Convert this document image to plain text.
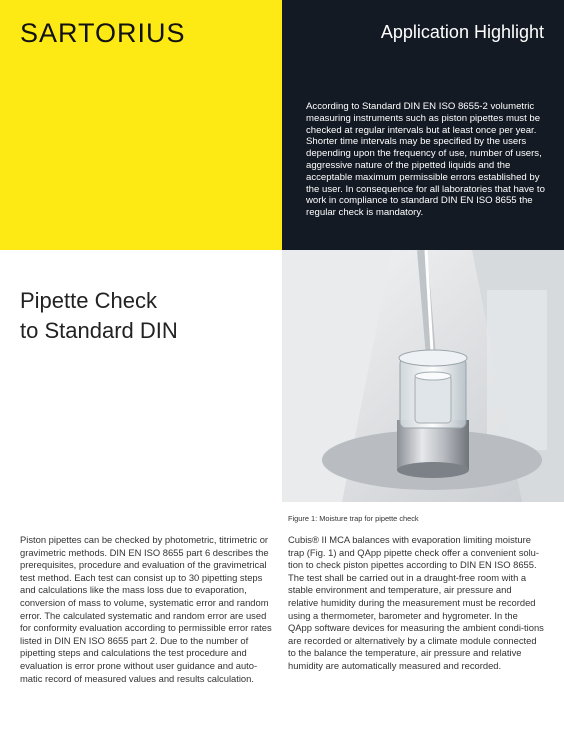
SARTORIUS	Application Highlight
According to Standard DIN EN ISO 8655-2 volumetric measuring instruments such as piston pipettes must be checked at regular intervals but at least once per year. Shorter time intervals may be specified by the users depending upon the frequency of use, number of users, aggressive nature of the pipetted liquids and the acceptable maximum permissible errors established by the user. In consequence for all laboratories that have to work in compliance to standard DIN EN ISO 8655 the regular check is mandatory.
Pipette Check
to Standard DIN
Figure 1: Moisture trap for pipette check
Piston pipettes can be checked by photometric, titrimetric or gravimetric methods. DIN EN ISO 8655 part 6 describes the prerequisites, procedure and evaluation of the gravimetrical test method. Each test can consist up to 30 pipetting steps and calculations like the mass loss due to evaporation, conversion of mass to volume, systematic error and random error. The calculated systematic and random error are used for conformity evaluation according to permissible error rates listed in DIN EN ISO 8655 part 2. Due to the number of pipetting steps and calculations the test procedure and evaluation is error prone without user guidance and auto-matic record of measured values and results calculation.
Cubis® II MCA balances with evaporation limiting moisture trap (Fig. 1) and QApp pipette check offer a convenient solu-tion to check piston pipettes according to DIN EN ISO 8655. The test shall be carried out in a draught-free room with a stable environment and temperature, air pressure and relative humidity during the measurement must be recorded using a thermometer, barometer and hygrometer. In the QApp software devices for measuring the ambient condi-tions are recorded or alternatively by a climate module connected to the balance the temperature, air pressure and relative humidity are automatically measured and recorded.
